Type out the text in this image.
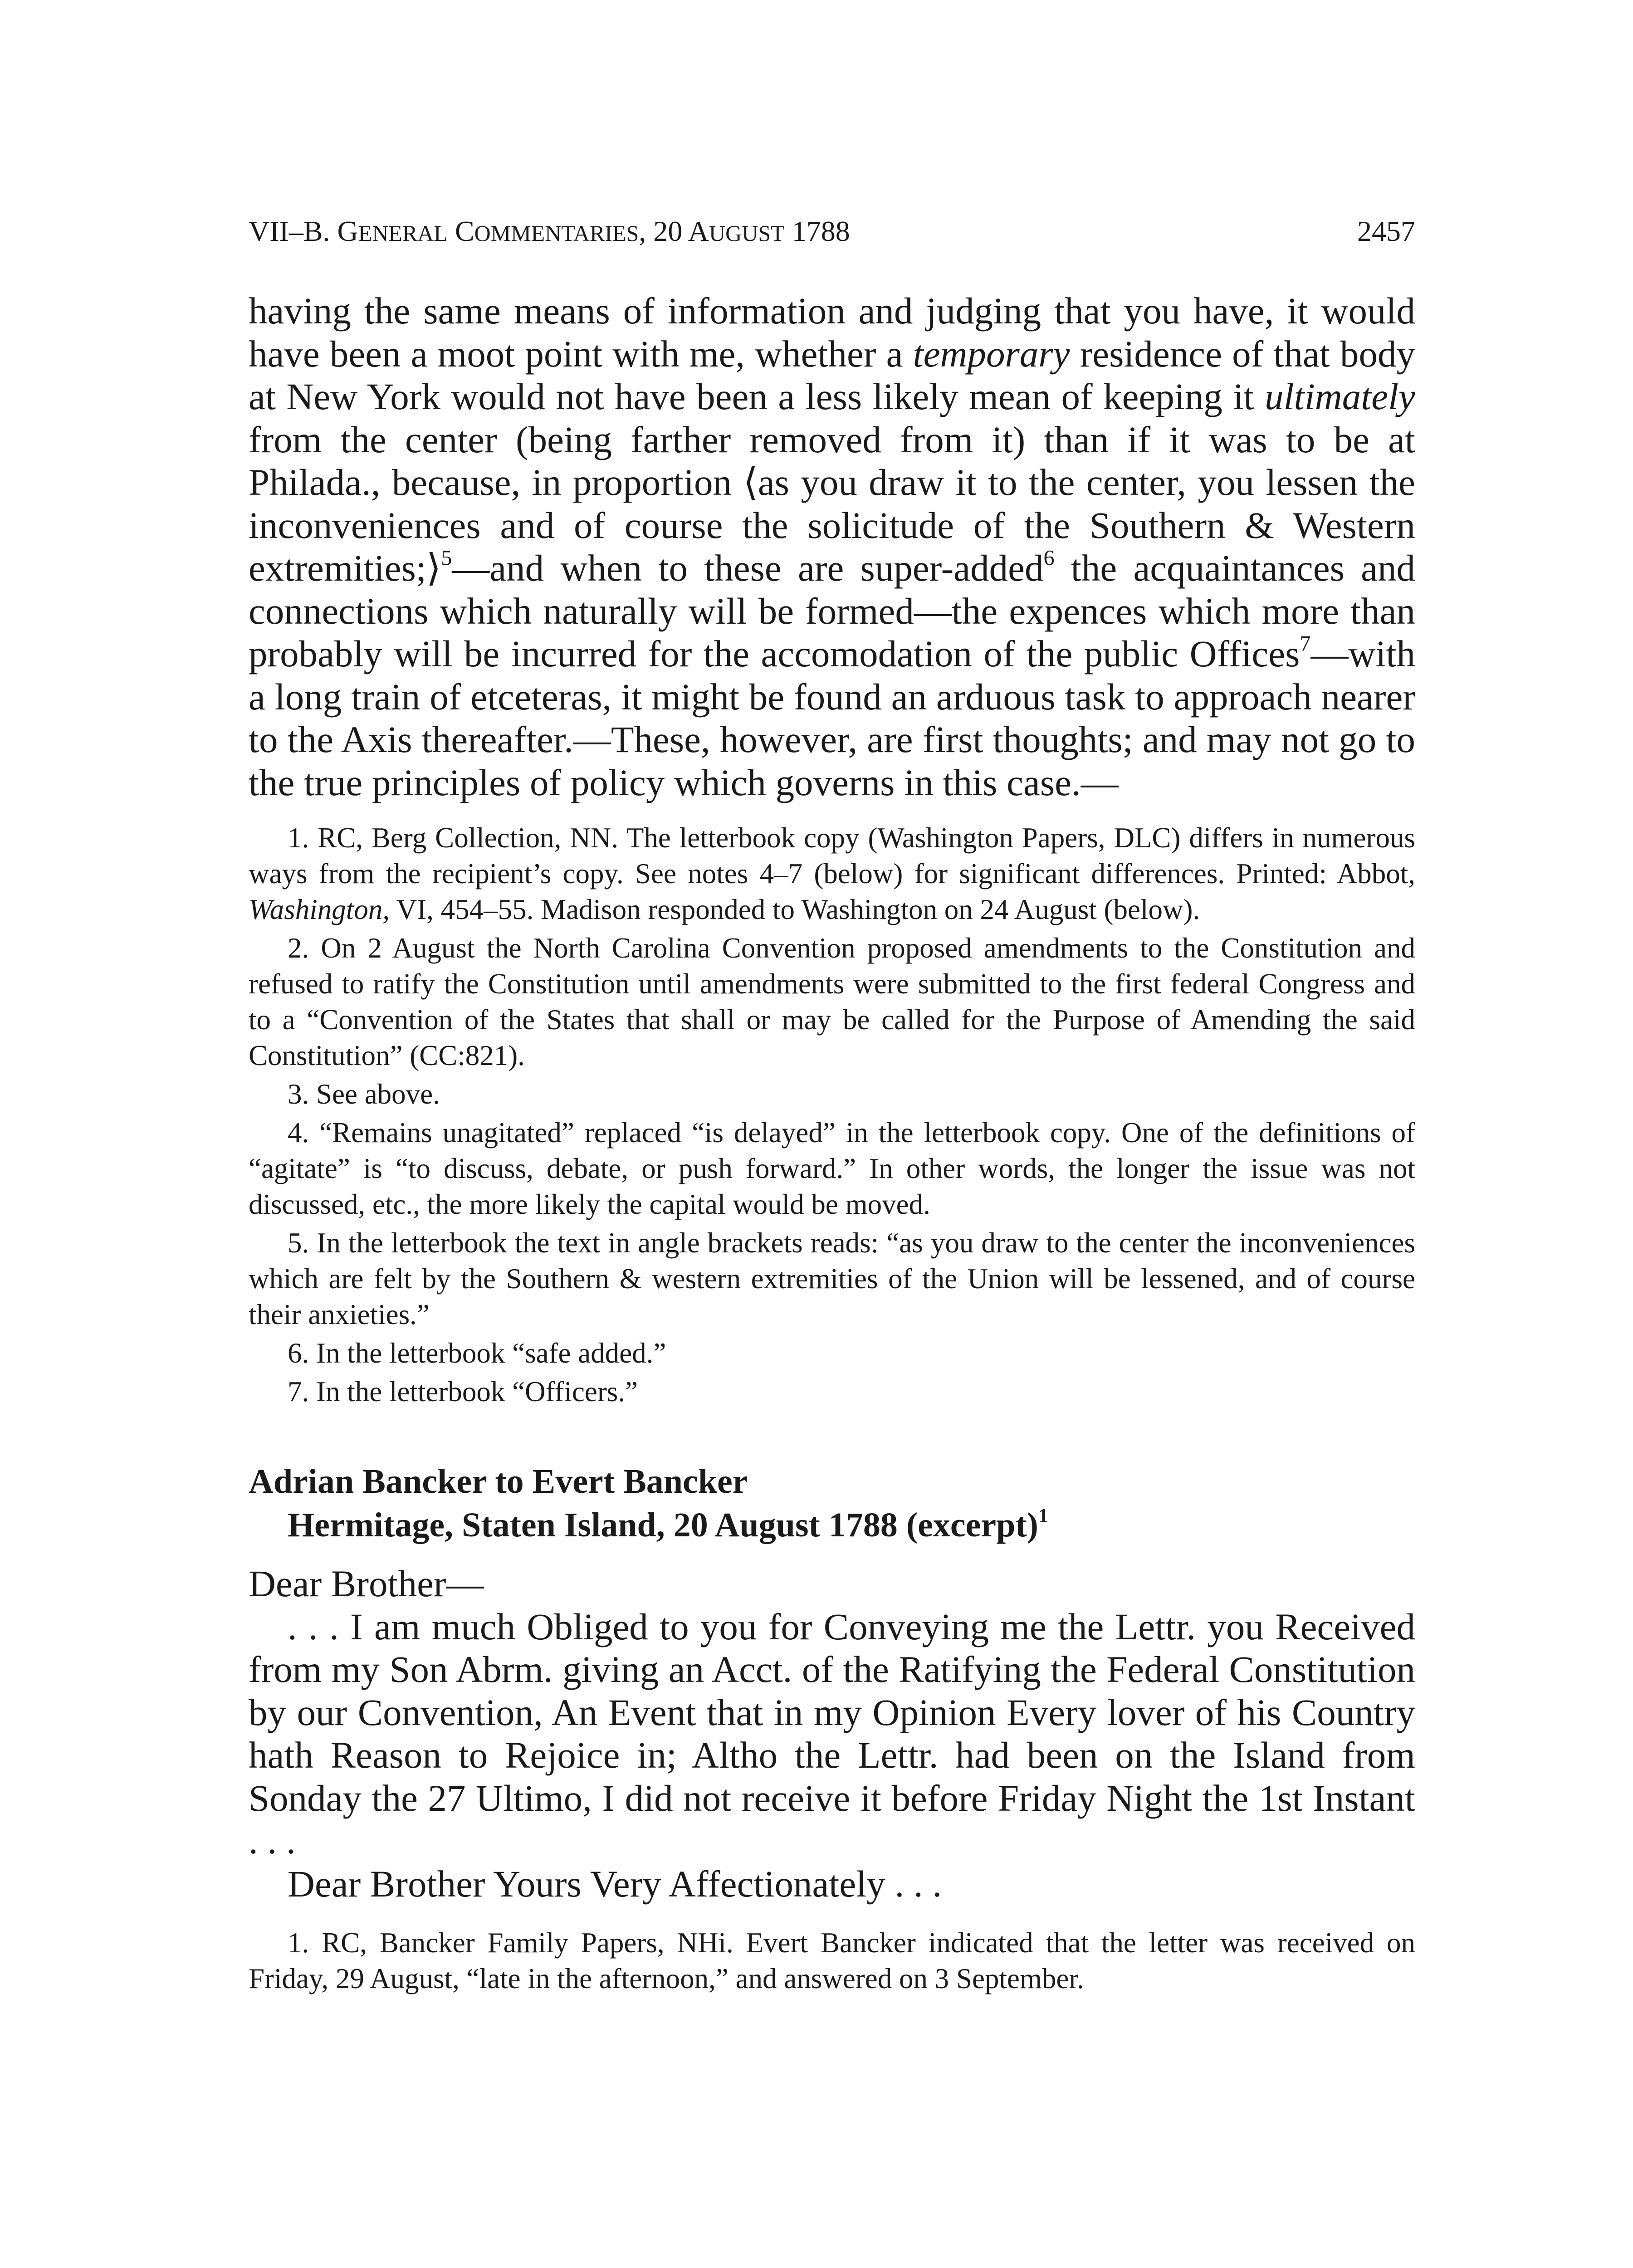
VII–B. GENERAL COMMENTARIES, 20 AUGUST 1788	2457

having the same means of information and judging that you have, it would have been a moot point with me, whether a temporary residence of that body at New York would not have been a less likely mean of keeping it ultimately from the center (being farther removed from it) than if it was to be at Philada., because, in proportion ⟨as you draw it to the center, you lessen the inconveniences and of course the solicitude of the Southern & Western extremities;⟩$^5$—and when to these are super-added$^6$ the acquaintances and connections which naturally will be formed—the expences which more than probably will be incurred for the accomodation of the public Offices$^7$—with a long train of etceteras, it might be found an arduous task to approach nearer to the Axis thereafter.—These, however, are first thoughts; and may not go to the true principles of policy which governs in this case.—

1. RC, Berg Collection, NN. The letterbook copy (Washington Papers, DLC) differs in numerous ways from the recipient’s copy. See notes 4–7 (below) for significant differences. Printed: Abbot, Washington, VI, 454–55. Madison responded to Washington on 24 August (below).

2. On 2 August the North Carolina Convention proposed amendments to the Constitution and refused to ratify the Constitution until amendments were submitted to the first federal Congress and to a “Convention of the States that shall or may be called for the Purpose of Amending the said Constitution” (CC:821).

3. See above.

4. “Remains unagitated” replaced “is delayed” in the letterbook copy. One of the definitions of “agitate” is “to discuss, debate, or push forward.” In other words, the longer the issue was not discussed, etc., the more likely the capital would be moved.

5. In the letterbook the text in angle brackets reads: “as you draw to the center the inconveniences which are felt by the Southern & western extremities of the Union will be lessened, and of course their anxieties.”

6. In the letterbook “safe added.”

7. In the letterbook “Officers.”

Adrian Bancker to Evert Bancker
Hermitage, Staten Island, 20 August 1788 (excerpt)$^1$

Dear Brother—

. . . I am much Obliged to you for Conveying me the Lettr. you Received from my Son Abrm. giving an Acct. of the Ratifying the Federal Constitution by our Convention, An Event that in my Opinion Every lover of his Country hath Reason to Rejoice in; Altho the Lettr. had been on the Island from Sonday the 27 Ultimo, I did not receive it before Friday Night the 1st Instant . . .

Dear Brother Yours Very Affectionately . . .

1. RC, Bancker Family Papers, NHi. Evert Bancker indicated that the letter was received on Friday, 29 August, “late in the afternoon,” and answered on 3 September.
